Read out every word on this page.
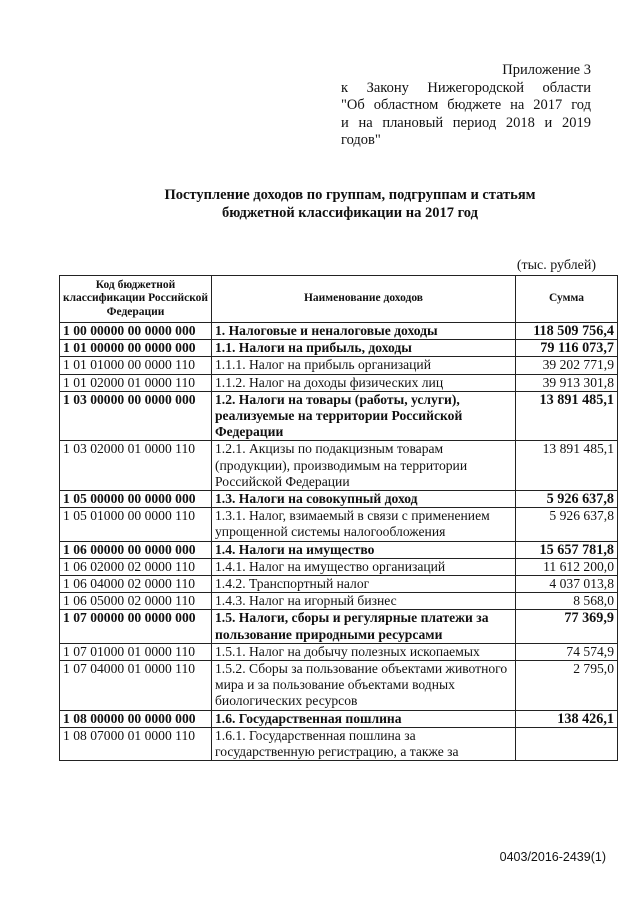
Приложение 3
к Закону Нижегородской области
"Об областном бюджете на 2017 год
и на плановый период 2018 и 2019
годов"
Поступление доходов по группам, подгруппам и статьям
бюджетной классификации на 2017 год
(тыс. рублей)
Код бюджетной классификации Российской Федерации	Наименование доходов	Сумма
1 00 00000 00 0000 000	1. Налоговые и неналоговые доходы	118 509 756,4
1 01 00000 00 0000 000	1.1. Налоги на прибыль, доходы	79 116 073,7
1 01 01000 00 0000 110	1.1.1. Налог на прибыль организаций	39 202 771,9
1 01 02000 01 0000 110	1.1.2. Налог на доходы физических лиц	39 913 301,8
1 03 00000 00 0000 000	1.2. Налоги на товары (работы, услуги), реализуемые на территории Российской Федерации	13 891 485,1
1 03 02000 01 0000 110	1.2.1. Акцизы по подакцизным товарам (продукции), производимым на территории Российской Федерации	13 891 485,1
1 05 00000 00 0000 000	1.3. Налоги на совокупный доход	5 926 637,8
1 05 01000 00 0000 110	1.3.1. Налог, взимаемый в связи с применением упрощенной системы налогообложения	5 926 637,8
1 06 00000 00 0000 000	1.4. Налоги на имущество	15 657 781,8
1 06 02000 02 0000 110	1.4.1. Налог на имущество организаций	11 612 200,0
1 06 04000 02 0000 110	1.4.2. Транспортный налог	4 037 013,8
1 06 05000 02 0000 110	1.4.3. Налог на игорный бизнес	8 568,0
1 07 00000 00 0000 000	1.5. Налоги, сборы и регулярные платежи за пользование природными ресурсами	77 369,9
1 07 01000 01 0000 110	1.5.1. Налог на добычу полезных ископаемых	74 574,9
1 07 04000 01 0000 110	1.5.2. Сборы за пользование объектами животного мира и за пользование объектами водных биологических ресурсов	2 795,0
1 08 00000 00 0000 000	1.6. Государственная пошлина	138 426,1
1 08 07000 01 0000 110	1.6.1. Государственная пошлина за государственную регистрацию, а также за	
0403/2016-2439(1)
